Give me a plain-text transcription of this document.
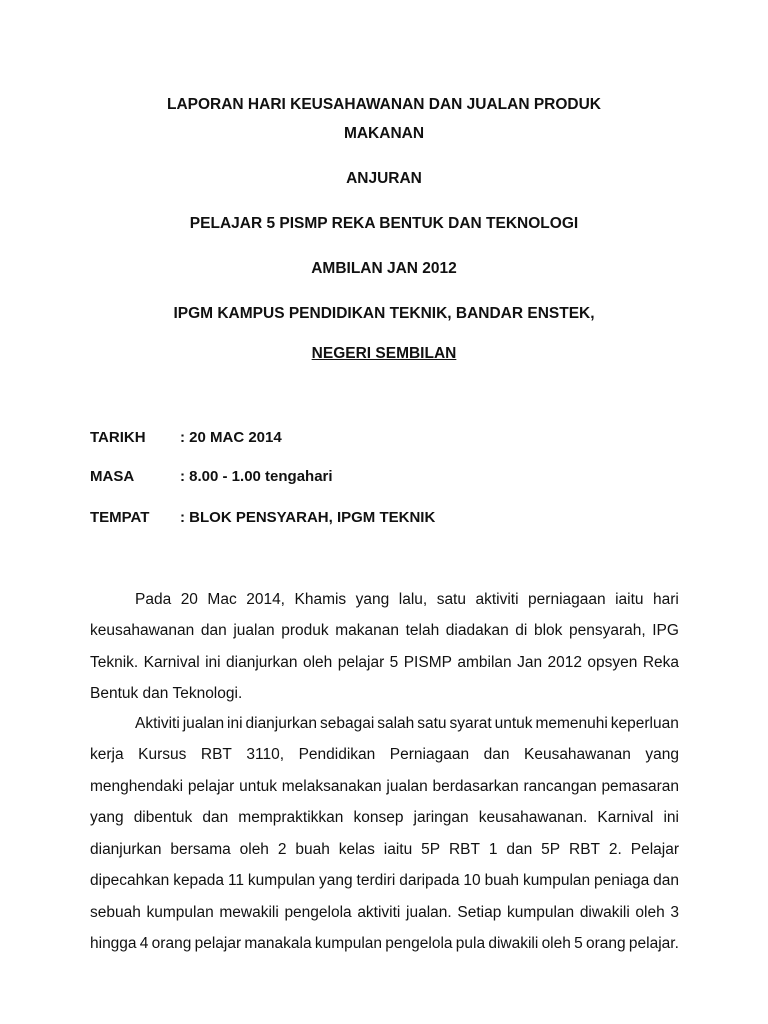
LAPORAN HARI KEUSAHAWANAN DAN JUALAN PRODUK
MAKANAN
ANJURAN
PELAJAR 5 PISMP REKA BENTUK DAN TEKNOLOGI
AMBILAN JAN 2012
IPGM KAMPUS PENDIDIKAN TEKNIK, BANDAR ENSTEK,
NEGERI SEMBILAN
TARIKH : 20 MAC 2014
MASA	: 8.00 - 1.00 tengahari
TEMPAT : BLOK PENSYARAH, IPGM TEKNIK
Pada 20 Mac 2014, Khamis yang lalu, satu aktiviti perniagaan iaitu hari
keusahawanan dan jualan produk makanan telah diadakan di blok pensyarah, IPG
Teknik. Karnival ini dianjurkan oleh pelajar 5 PISMP ambilan Jan 2012 opsyen Reka
Bentuk dan Teknologi.
Aktiviti jualan ini dianjurkan sebagai salah satu syarat untuk memenuhi keperluan
kerja Kursus RBT 3110, Pendidikan Perniagaan dan Keusahawanan yang
menghendaki pelajar untuk melaksanakan jualan berdasarkan rancangan pemasaran
yang dibentuk dan mempraktikkan konsep jaringan keusahawanan. Karnival ini
dianjurkan bersama oleh 2 buah kelas iaitu 5P RBT 1 dan 5P RBT 2. Pelajar
dipecahkan kepada 11 kumpulan yang terdiri daripada 10 buah kumpulan peniaga dan
sebuah kumpulan mewakili pengelola aktiviti jualan. Setiap kumpulan diwakili oleh 3
hingga 4 orang pelajar manakala kumpulan pengelola pula diwakili oleh 5 orang pelajar.
